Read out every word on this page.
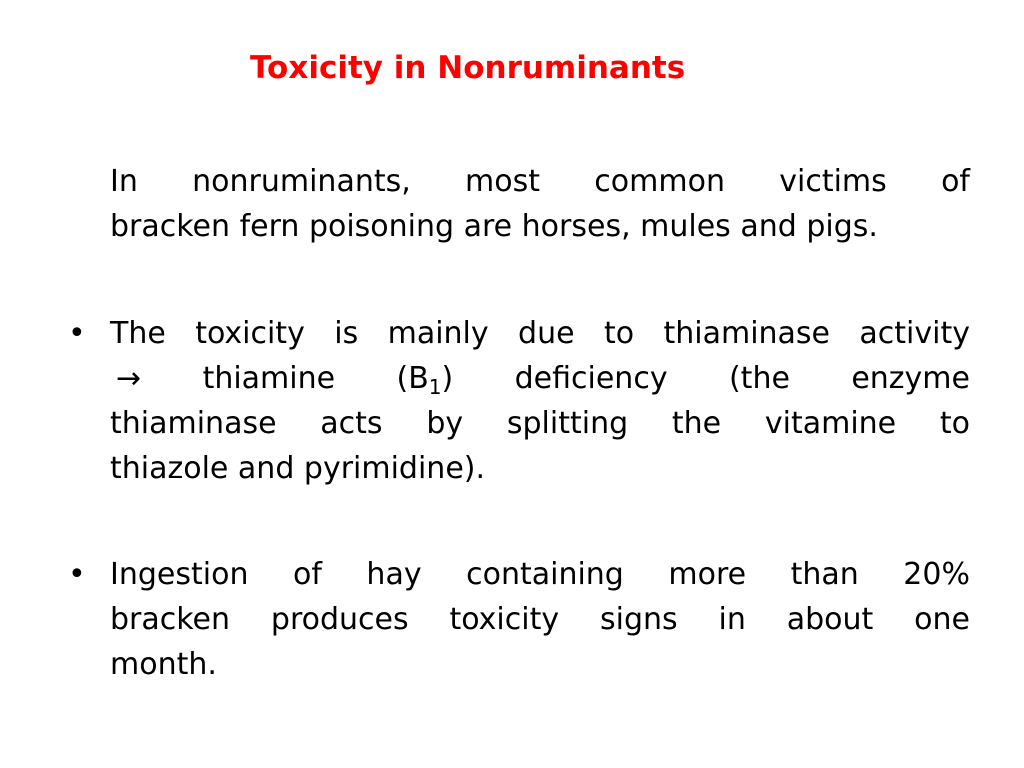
Toxicity in Nonruminants
In nonruminants, most common victims of
bracken fern poisoning are horses, mules and pigs.
• The toxicity is mainly due to thiaminase activity
→ thiamine $(B_1)$ deficiency (the enzyme
thiaminase acts by splitting the vitamine to
thiazole and pyrimidine).
• Ingestion of hay containing more than 20%
bracken produces toxicity signs in about one
month.
